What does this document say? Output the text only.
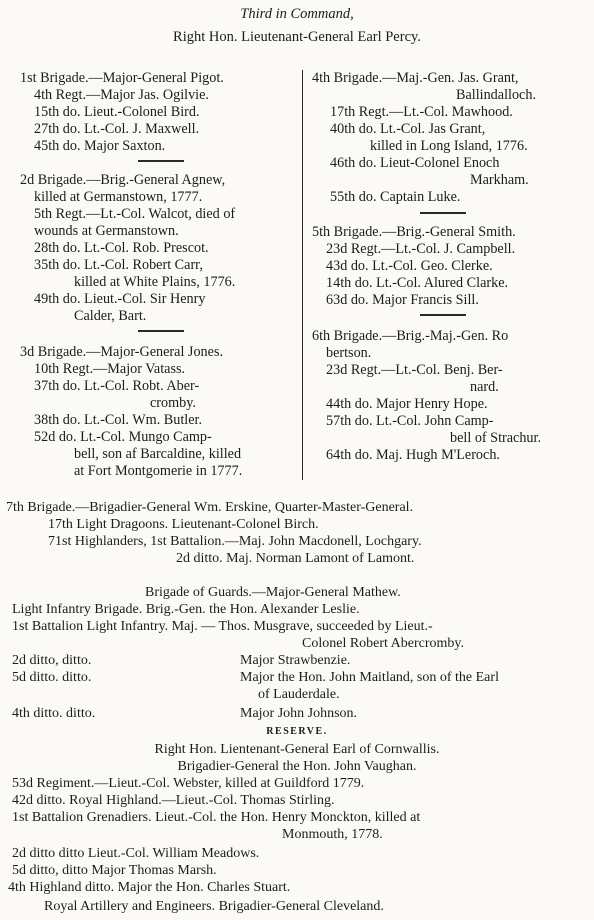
Third in Command,
Right Hon. Lieutenant-General Earl Percy.
1st Brigade.—Major-General Pigot.
4th Regt.—Major Jas. Ogilvie.
15th do. Lieut.-Colonel Bird.
27th do. Lt.-Col. J. Maxwell.
45th do. Major Saxton.
2d Brigade.—Brig.-General Agnew,
killed at Germanstown, 1777.
5th Regt.—Lt.-Col. Walcot, died of
wounds at Germanstown.
28th do. Lt.-Col. Rob. Prescot.
35th do. Lt.-Col. Robert Carr,
killed at White Plains, 1776.
49th do. Lieut.-Col. Sir Henry
Calder, Bart.
3d Brigade.—Major-General Jones.
10th Regt.—Major Vatass.
37th do. Lt.-Col. Robt. Aber-
cromby.
38th do. Lt.-Col. Wm. Butler.
52d do. Lt.-Col. Mungo Camp-
bell, son af Barcaldine, killed
at Fort Montgomerie in 1777.
4th Brigade.—Maj.-Gen. Jas. Grant,
Ballindalloch.
17th Regt.—Lt.-Col. Mawhood.
40th do. Lt.-Col. Jas Grant,
killed in Long Island, 1776.
46th do. Lieut-Colonel Enoch
Markham.
55th do. Captain Luke.
5th Brigade.—Brig.-General Smith.
23d Regt.—Lt.-Col. J. Campbell.
43d do. Lt.-Col. Geo. Clerke.
14th do. Lt.-Col. Alured Clarke.
63d do. Major Francis Sill.
6th Brigade.—Brig.-Maj.-Gen. Ro
bertson.
23d Regt.—Lt.-Col. Benj. Ber-
nard.
44th do. Major Henry Hope.
57th do. Lt.-Col. John Camp-
bell of Strachur.
64th do. Maj. Hugh M'Leroch.
7th Brigade.—Brigadier-General Wm. Erskine, Quarter-Master-General.
17th Light Dragoons. Lieutenant-Colonel Birch.
71st Highlanders, 1st Battalion.—Maj. John Macdonell, Lochgary.
2d ditto. Maj. Norman Lamont of Lamont.
Brigade of Guards.—Major-General Mathew.
Light Infantry Brigade. Brig.-Gen. the Hon. Alexander Leslie.
1st Battalion Light Infantry. Maj. — Thos. Musgrave, succeeded by Lieut.-
Colonel Robert Abercromby.
2d ditto, ditto.	Major Strawbenzie.
5d ditto. ditto.	Major the Hon. John Maitland, son of the Earl
of Lauderdale.
4th ditto. ditto.	Major John Johnson.
RESERVE.
Right Hon. Lientenant-General Earl of Cornwallis.
Brigadier-General the Hon. John Vaughan.
53d Regiment.—Lieut.-Col. Webster, killed at Guildford 1779.
42d ditto. Royal Highland.—Lieut.-Col. Thomas Stirling.
1st Battalion Grenadiers. Lieut.-Col. the Hon. Henry Monckton, killed at
Monmouth, 1778.
2d ditto ditto Lieut.-Col. William Meadows.
5d ditto, ditto Major Thomas Marsh.
4th Highland ditto. Major the Hon. Charles Stuart.
Royal Artillery and Engineers. Brigadier-General Cleveland.
